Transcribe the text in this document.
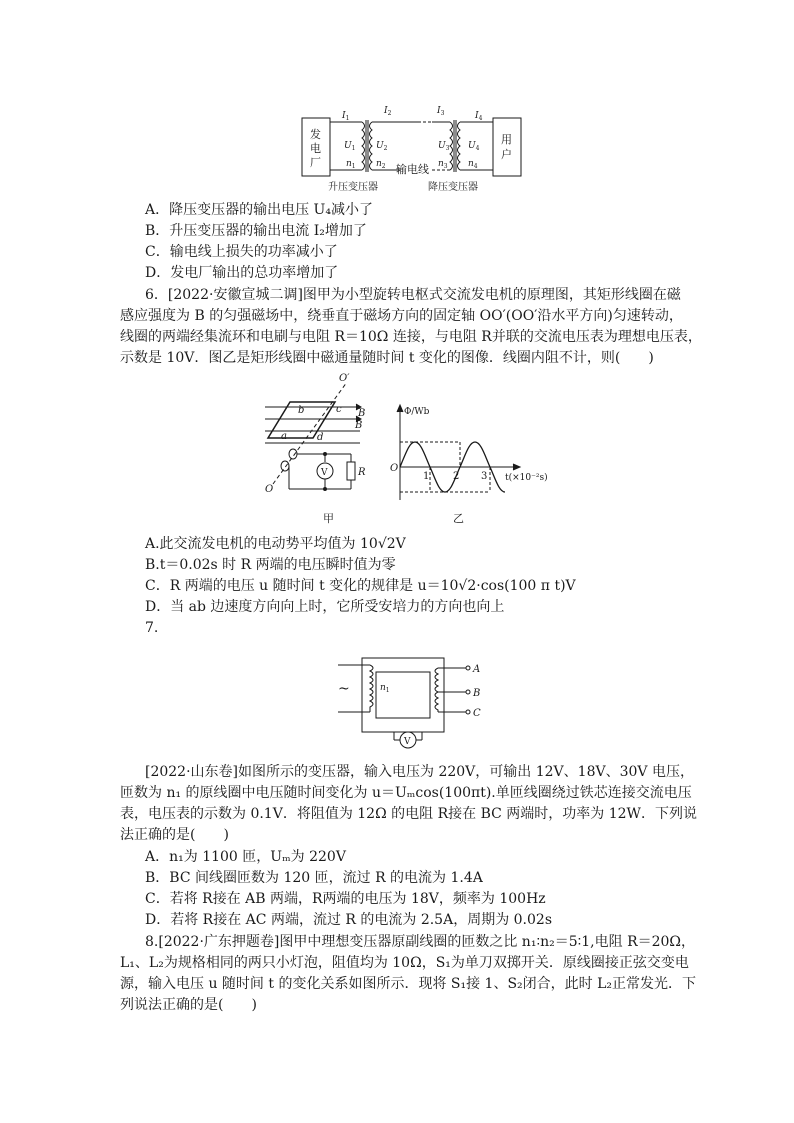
发
电
厂
用
户
$I_1$
$I_2$	$I_3$	$I_4$
$U_1$ $U_2$	$U_3$ $U_4$
$n_1$ $n_2$	$n_3$ $n_4$
输电线
升压变压器	降压变压器
A．降压变压器的输出电压 U₄减小了
B．升压变压器的输出电流 I₂增加了
C．输电线上损失的功率减小了
D．发电厂输出的总功率增加了
6．[2022·安徽宣城二调]图甲为小型旋转电枢式交流发电机的原理图，其矩形线圈在磁
感应强度为 B 的匀强磁场中，绕垂直于磁场方向的固定轴 OO′(OO′沿水平方向)匀速转动，
线圈的两端经集流环和电刷与电阻 R＝10Ω 连接，与电阻 R并联的交流电压表为理想电压表，
示数是 10V．图乙是矩形线圈中磁通量随时间 t 变化的图像．线圈内阻不计，则(　　)
O′
O
a
b	c
d
B
B
R
V
甲
Φ/Wb
O
1 2 3 t(×10⁻²s)
乙
A.此交流发电机的电动势平均值为 10√2V
B.t＝0.02s 时 R 两端的电压瞬时值为零
C．R 两端的电压 u 随时间 t 变化的规律是 u＝10√2·cos(100 π t)V
D．当 ab 边速度方向向上时，它所受安培力的方向也向上
7.
~	$n_1$
A
B
C
V
[2022·山东卷]如图所示的变压器，输入电压为 220V，可输出 12V、18V、30V 电压，
匝数为 n₁ 的原线圈中电压随时间变化为 u＝Uₘcos(100πt).单匝线圈绕过铁芯连接交流电压
表，电压表的示数为 0.1V．将阻值为 12Ω 的电阻 R接在 BC 两端时，功率为 12W．下列说
法正确的是(　　)
A．n₁为 1100 匝，Uₘ为 220V
B．BC 间线圈匝数为 120 匝，流过 R 的电流为 1.4A
C．若将 R接在 AB 两端，R两端的电压为 18V，频率为 100Hz
D．若将 R接在 AC 两端，流过 R 的电流为 2.5A，周期为 0.02s
8.[2022·广东押题卷]图甲中理想变压器原副线圈的匝数之比 n₁∶n₂＝5∶1,电阻 R＝20Ω，
L₁、L₂为规格相同的两只小灯泡，阻值均为 10Ω，S₁为单刀双掷开关．原线圈接正弦交变电
源，输入电压 u 随时间 t 的变化关系如图所示．现将 S₁接 1、S₂闭合，此时 L₂正常发光．下
列说法正确的是(　　)
